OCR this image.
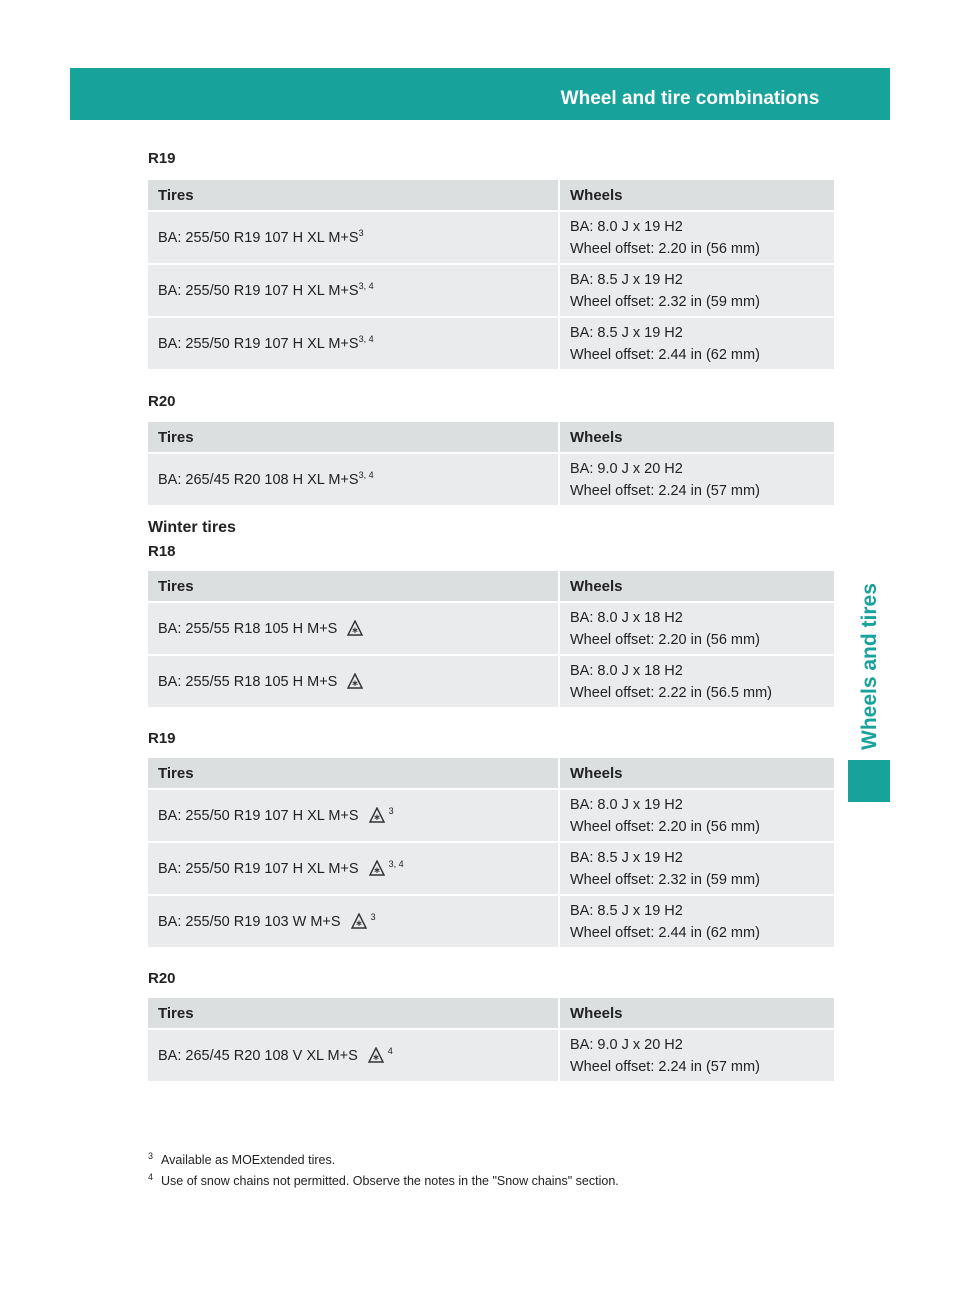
Wheel and tire combinations	417
Wheels and tires
R19
Tires	Wheels
BA: 255/50 R19 107 H XL $M+S^3$	BA: 8.0 J x 19 H2
Wheel offset: 2.20 in (56 mm)

BA: 255/50 R19 107 H XL $M+S^{3, 4}$	BA: 8.5 J x 19 H2
Wheel offset: 2.32 in (59 mm)

BA: 255/50 R19 107 H XL $M+S^{3, 4}$	BA: 8.5 J x 19 H2
Wheel offset: 2.44 in (62 mm)
R20
Tires	Wheels
BA: 265/45 R20 108 H XL $M+S^{3, 4}$	BA: 9.0 J x 20 H2
Wheel offset: 2.24 in (57 mm)
Winter tires
R18
Tires	Wheels
BA: 255/55 R18 105 H M+S	BA: 8.0 J x 18 H2
Wheel offset: 2.20 in (56 mm)

BA: 255/55 R18 105 H M+S	BA: 8.0 J x 18 H2
Wheel offset: 2.22 in (56.5 mm)
R19
Tires	Wheels
BA: 255/50 R19 107 H XL M+S $^3$	BA: 8.0 J x 19 H2
Wheel offset: 2.20 in (56 mm)

BA: 255/50 R19 107 H XL M+S $^{3, 4}$	BA: 8.5 J x 19 H2
Wheel offset: 2.32 in (59 mm)

BA: 255/50 R19 103 W M+S $^3$	BA: 8.5 J x 19 H2
Wheel offset: 2.44 in (62 mm)
R20
Tires	Wheels
BA: 265/45 R20 108 V XL M+S $^4$	BA: 9.0 J x 20 H2
Wheel offset: 2.24 in (57 mm)
$^3$ Available as MOExtended tires.
$^4$ Use of snow chains not permitted. Observe the notes in the "Snow chains" section.
